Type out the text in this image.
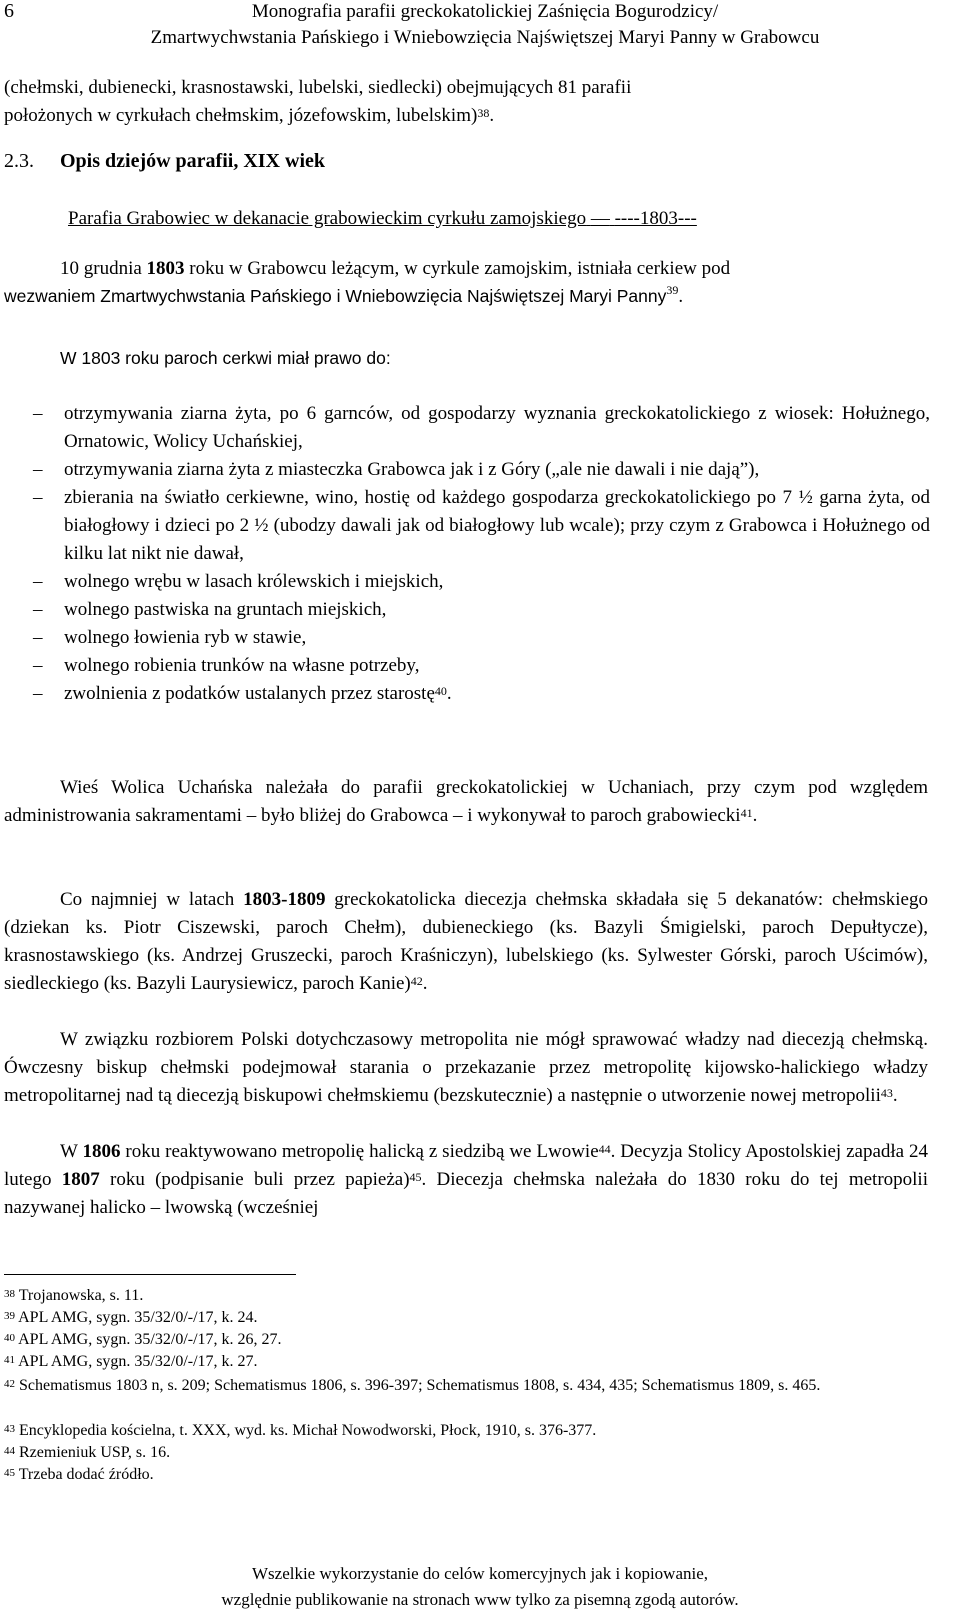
6	Monografia parafii greckokatolickiej Zaśnięcia Bogurodzicy/
Zmartwychwstania Pańskiego i Wniebowzięcia Najświętszej Maryi Panny w Grabowcu

(chełmski, dubienecki, krasnostawski, lubelski, siedlecki) obejmujących 81 parafii
położonych w cyrkułach chełmskim, józefowskim, lubelskim)$^{38}$.

2.3. Opis dziejów parafii, XIX wiek
Parafia Grabowiec w dekanacie grabowieckim cyrkułu zamojskiego –– ----1803---
10 grudnia 1803 roku w Grabowcu leżącym, w cyrkule zamojskim, istniała cerkiew pod
wezwaniem Zmartwychwstania Pańskiego i Wniebowzięcia Najświętszej Maryi Panny$^{39}$.
W 1803 roku paroch cerkwi miał prawo do:
– otrzymywania ziarna żyta, po 6 garnców, od gospodarzy wyznania greckokatolickiego z wiosek: Hołużnego, Ornatowic, Wolicy Uchańskiej,
– otrzymywania ziarna żyta z miasteczka Grabowca jak i z Góry („ale nie dawali i nie dają”),
– zbierania na światło cerkiewne, wino, hostię od każdego gospodarza greckokatolickiego po 7 ½ garna żyta, od białogłowy i dzieci po 2 ½ (ubodzy dawali jak od białogłowy lub wcale); przy czym z Grabowca i Hołużnego od kilku lat nikt nie dawał,
– wolnego wrębu w lasach królewskich i miejskich,
– wolnego pastwiska na gruntach miejskich,
– wolnego łowienia ryb w stawie,
– wolnego robienia trunków na własne potrzeby,
– zwolnienia z podatków ustalanych przez starostę$^{40}$.

Wieś Wolica Uchańska należała do parafii greckokatolickiej w Uchaniach, przy czym pod względem administrowania sakramentami – było bliżej do Grabowca – i wykonywał to paroch grabowiecki$^{41}$.

Co najmniej w latach 1803-1809 greckokatolicka diecezja chełmska składała się 5 dekanatów: chełmskiego (dziekan ks. Piotr Ciszewski, paroch Chełm), dubieneckiego (ks. Bazyli Śmigielski, paroch Depułtycze), krasnostawskiego (ks. Andrzej Gruszecki, paroch Kraśniczyn), lubelskiego (ks. Sylwester Górski, paroch Uścimów), siedleckiego (ks. Bazyli Laurysiewicz, paroch Kanie)$^{42}$.

W związku rozbiorem Polski dotychczasowy metropolita nie mógł sprawować władzy nad diecezją chełmską. Ówczesny biskup chełmski podejmował starania o przekazanie przez metropolitę kijowsko-halickiego władzy metropolitarnej nad tą diecezją biskupowi chełmskiemu (bezskutecznie) a następnie o utworzenie nowej metropolii$^{43}$.

W 1806 roku reaktywowano metropolię halicką z siedzibą we Lwowie$^{44}$. Decyzja Stolicy Apostolskiej zapadła 24 lutego 1807 roku (podpisanie buli przez papieża)$^{45}$. Diecezja chełmska należała do 1830 roku do tej metropolii nazywanej halicko – lwowską (wcześniej

$^{38}$ Trojanowska, s. 11.

$^{39}$ APL AMG, sygn. 35/32/0/-/17, k. 24.

$^{40}$ APL AMG, sygn. 35/32/0/-/17, k. 26, 27.

$^{41}$ APL AMG, sygn. 35/32/0/-/17, k. 27.

$^{42}$ Schematismus 1803 n, s. 209; Schematismus 1806, s. 396-397; Schematismus 1808, s. 434, 435; Schematismus 1809, s. 465.

$^{43}$ Encyklopedia kościelna, t. XXX, wyd. ks. Michał Nowodworski, Płock, 1910, s. 376-377.

$^{44}$ Rzemieniuk USP, s. 16.

$^{45}$ Trzeba dodać źródło.

Wszelkie wykorzystanie do celów komercyjnych jak i kopiowanie,
względnie publikowanie na stronach www tylko za pisemną zgodą autorów.
